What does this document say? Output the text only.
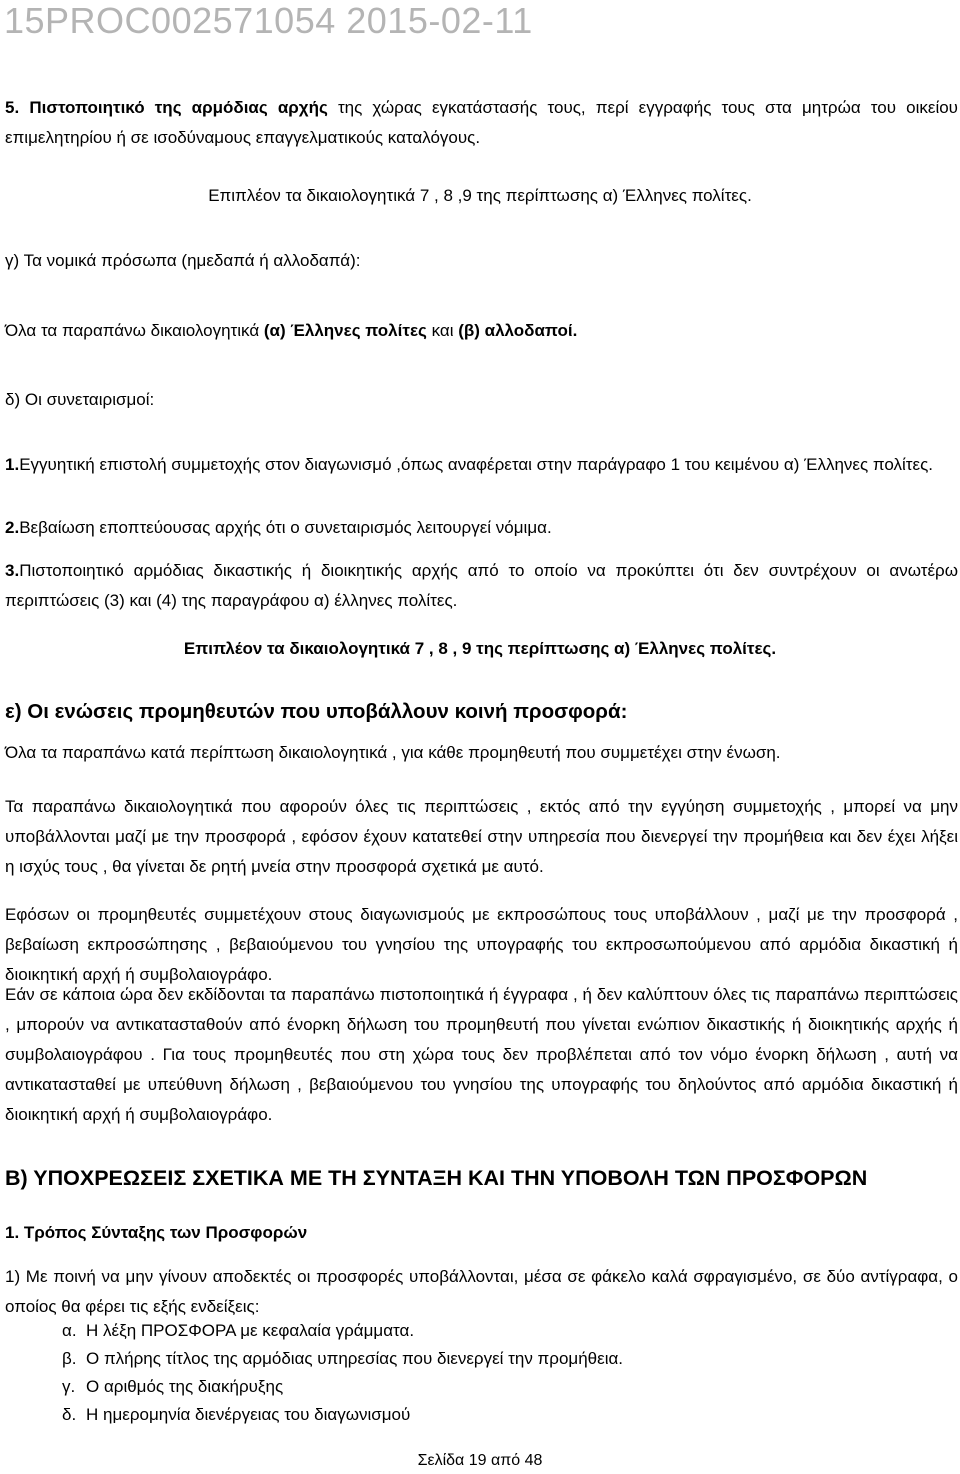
15PROC002571054 2015-02-11
5. Πιστοποιητικό της αρμόδιας αρχής της χώρας εγκατάστασής τους, περί εγγραφής τους στα μητρώα του οικείου επιμελητηρίου ή σε ισοδύναμους επαγγελματικούς καταλόγους.
Επιπλέον τα δικαιολογητικά 7 , 8 ,9 της περίπτωσης α) Έλληνες πολίτες.
γ) Τα νομικά πρόσωπα (ημεδαπά ή αλλοδαπά):
Όλα τα παραπάνω δικαιολογητικά (α) Έλληνες πολίτες και (β) αλλοδαποί.
δ) Οι συνεταιρισμοί:
1.Εγγυητική επιστολή συμμετοχής στον διαγωνισμό ,όπως αναφέρεται στην παράγραφο 1 του κειμένου α) Έλληνες πολίτες.
2.Βεβαίωση εποπτεύουσας αρχής ότι ο συνεταιρισμός λειτουργεί νόμιμα.
3.Πιστοποιητικό αρμόδιας δικαστικής ή διοικητικής αρχής από το οποίο να προκύπτει ότι δεν συντρέχουν οι ανωτέρω περιπτώσεις (3) και (4) της παραγράφου α) έλληνες πολίτες.
Επιπλέον τα δικαιολογητικά 7 , 8 , 9 της περίπτωσης α) Έλληνες πολίτες.
ε) Οι ενώσεις προμηθευτών που υποβάλλουν κοινή προσφορά:
Όλα τα παραπάνω κατά περίπτωση δικαιολογητικά , για κάθε προμηθευτή που συμμετέχει στην ένωση.
Τα παραπάνω δικαιολογητικά που αφορούν όλες τις περιπτώσεις , εκτός από την εγγύηση συμμετοχής , μπορεί να μην υποβάλλονται μαζί με την προσφορά , εφόσον έχουν κατατεθεί στην υπηρεσία που διενεργεί την προμήθεια και δεν έχει λήξει η ισχύς τους , θα γίνεται δε ρητή μνεία στην προσφορά σχετικά με αυτό.
Εφόσων οι προμηθευτές συμμετέχουν στους διαγωνισμούς με εκπροσώπους τους υποβάλλουν , μαζί με την προσφορά , βεβαίωση εκπροσώπησης , βεβαιούμενου του γνησίου της υπογραφής του εκπροσωπούμενου από αρμόδια δικαστική ή διοικητική αρχή ή συμβολαιογράφο.
Εάν σε κάποια ώρα δεν εκδίδονται τα παραπάνω πιστοποιητικά ή έγγραφα , ή δεν καλύπτουν όλες τις παραπάνω περιπτώσεις , μπορούν να αντικατασταθούν από ένορκη δήλωση του προμηθευτή που γίνεται ενώπιον δικαστικής ή διοικητικής αρχής ή συμβολαιογράφου . Για τους προμηθευτές που στη χώρα τους δεν προβλέπεται από τον νόμο ένορκη δήλωση , αυτή να αντικατασταθεί με υπεύθυνη δήλωση , βεβαιούμενου του γνησίου της υπογραφής του δηλούντος από αρμόδια δικαστική ή διοικητική αρχή ή συμβολαιογράφο.
Β) ΥΠΟΧΡΕΩΣΕΙΣ ΣΧΕΤΙΚΑ ΜΕ ΤΗ ΣΥΝΤΑΞΗ ΚΑΙ ΤΗΝ ΥΠΟΒΟΛΗ ΤΩΝ ΠΡΟΣΦΟΡΩΝ
1. Τρόπος Σύνταξης των Προσφορών
1) Με ποινή να μην γίνουν αποδεκτές οι προσφορές υποβάλλονται, μέσα σε φάκελο καλά σφραγισμένο, σε δύο αντίγραφα, ο οποίος θα φέρει τις εξής ενδείξεις:
α. Η λέξη ΠΡΟΣΦΟΡΑ με κεφαλαία γράμματα.
β. Ο πλήρης τίτλος της αρμόδιας υπηρεσίας που διενεργεί την προμήθεια.
γ. Ο αριθμός της διακήρυξης
δ. Η ημερομηνία διενέργειας του διαγωνισμού
Σελίδα 19 από 48
